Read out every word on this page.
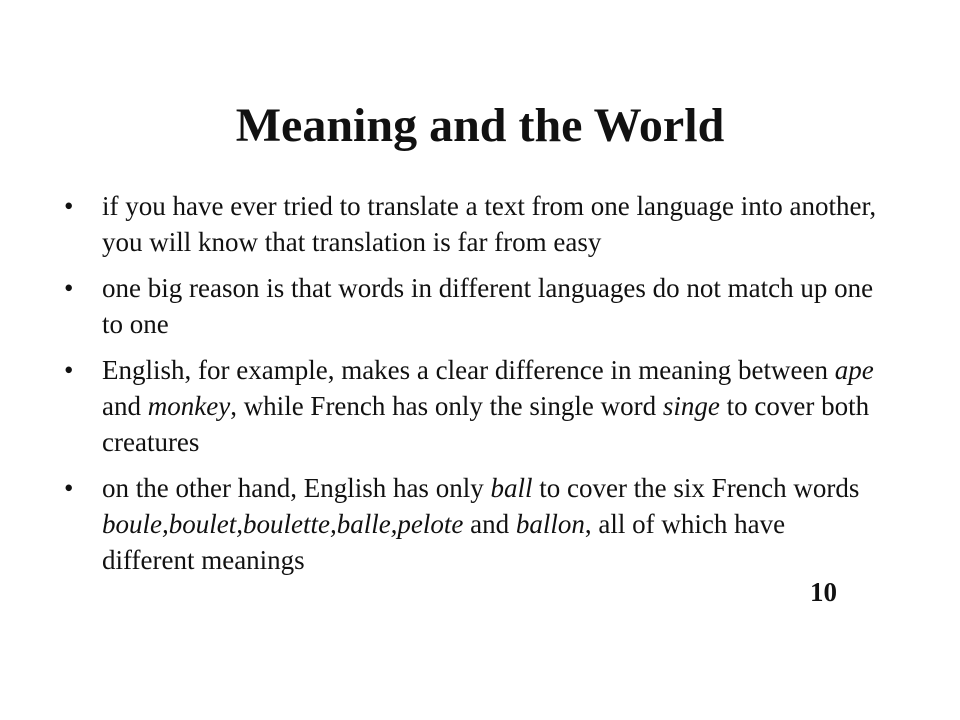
Meaning and the World
• if you have ever tried to translate a text from one language into another, you will know that translation is far from easy
• one big reason is that words in different languages do not match up one to one
• English, for example, makes a clear difference in meaning between ape and monkey, while French has only the single word singe to cover both creatures
• on the other hand, English has only ball to cover the six French words boule,boulet,boulette,balle,pelote and ballon, all of which have different meanings
10
